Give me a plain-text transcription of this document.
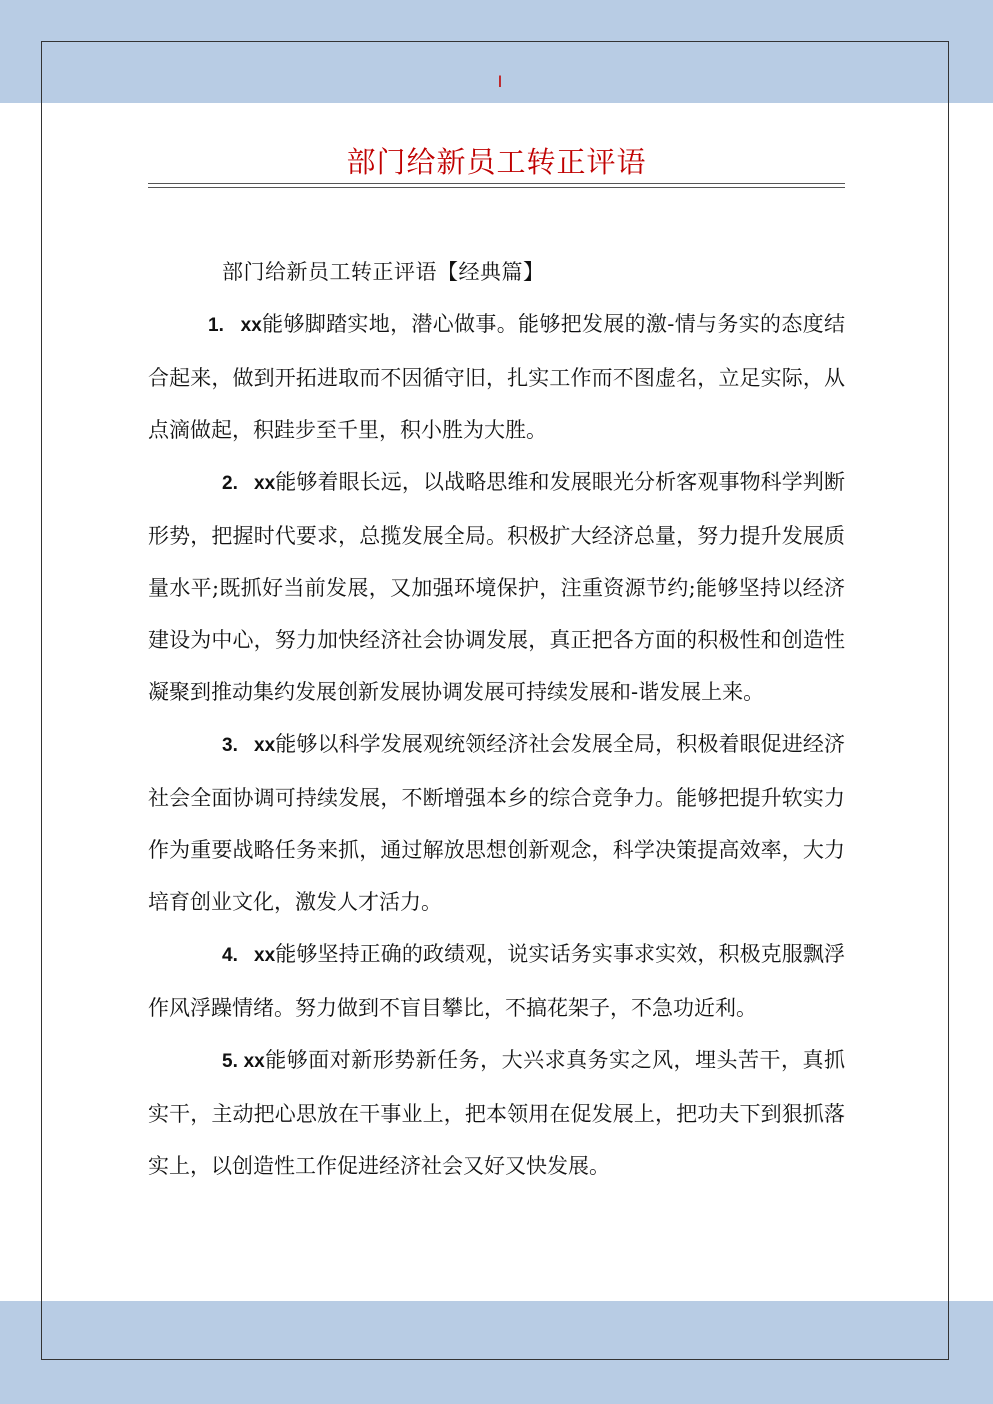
I
部门给新员工转正评语

部门给新员工转正评语【经典篇】

1.   xx能够脚踏实地，潜心做事。能够把发展的激-情与务实的态度结合起来，做到开拓进取而不因循守旧，扎实工作而不图虚名，立足实际，从点滴做起，积跬步至千里，积小胜为大胜。

2.   xx能够着眼长远，以战略思维和发展眼光分析客观事物科学判断形势，把握时代要求，总揽发展全局。积极扩大经济总量，努力提升发展质量水平;既抓好当前发展，又加强环境保护，注重资源节约;能够坚持以经济建设为中心，努力加快经济社会协调发展，真正把各方面的积极性和创造性凝聚到推动集约发展创新发展协调发展可持续发展和-谐发展上来。

3.   xx能够以科学发展观统领经济社会发展全局，积极着眼促进经济社会全面协调可持续发展，不断增强本乡的综合竞争力。能够把提升软实力作为重要战略任务来抓，通过解放思想创新观念，科学决策提高效率，大力培育创业文化，激发人才活力。

4.   xx能够坚持正确的政绩观，说实话务实事求实效，积极克服飘浮作风浮躁情绪。努力做到不盲目攀比，不搞花架子，不急功近利。

5. xx能够面对新形势新任务，大兴求真务实之风，埋头苦干，真抓实干，主动把心思放在干事业上，把本领用在促发展上，把功夫下到狠抓落实上，以创造性工作促进经济社会又好又快发展。
